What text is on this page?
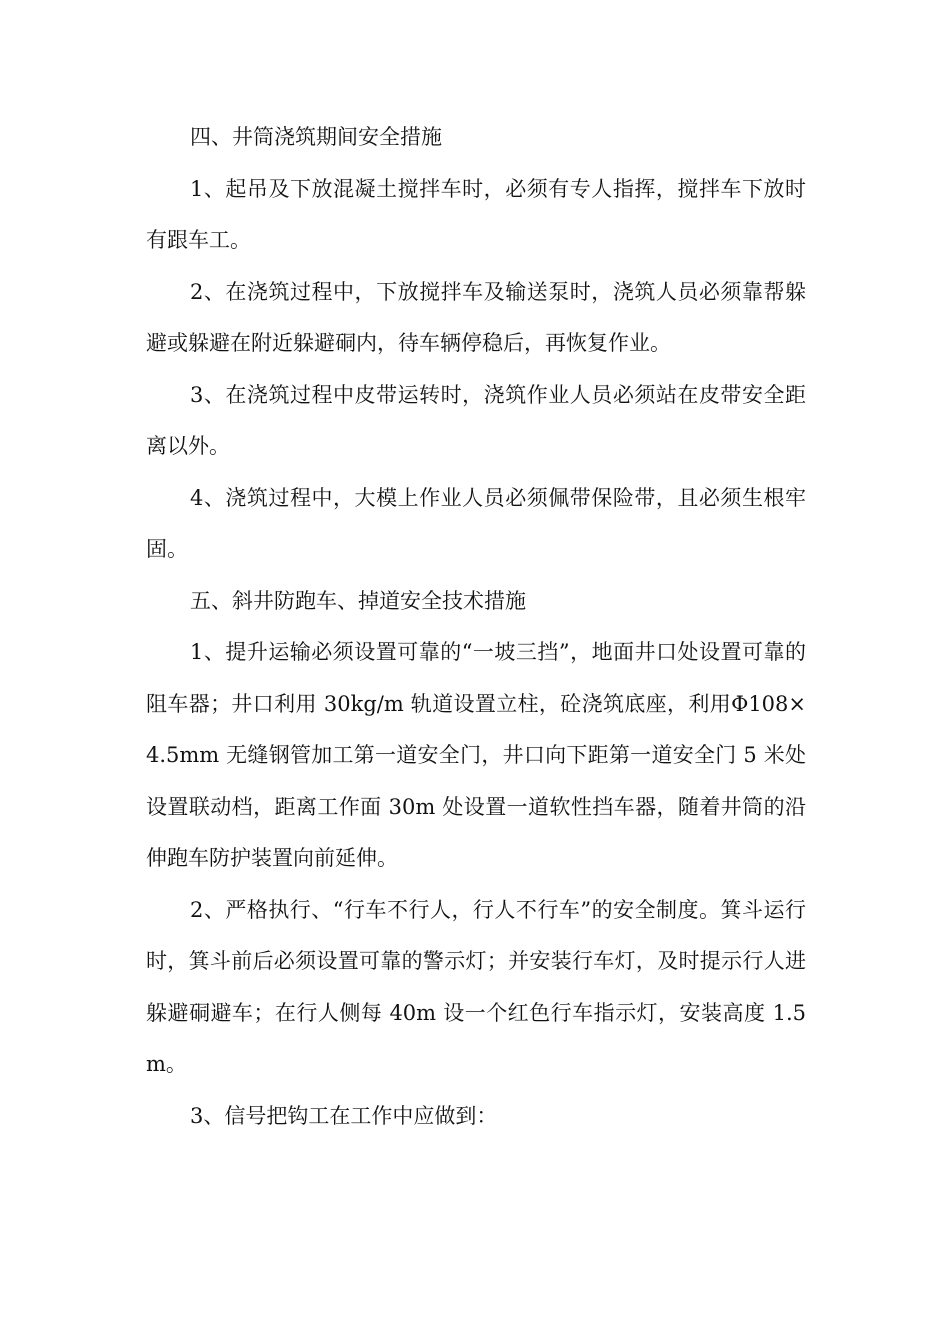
四、井筒浇筑期间安全措施

1、起吊及下放混凝土搅拌车时，必须有专人指挥，搅拌车下放时有跟车工。

2、在浇筑过程中，下放搅拌车及输送泵时，浇筑人员必须靠帮躲避或躲避在附近躲避硐内，待车辆停稳后，再恢复作业。

3、在浇筑过程中皮带运转时，浇筑作业人员必须站在皮带安全距离以外。

4、浇筑过程中，大模上作业人员必须佩带保险带，且必须生根牢固。

五、斜井防跑车、掉道安全技术措施

1、提升运输必须设置可靠的“一坡三挡”，地面井口处设置可靠的阻车器；井口利用 30kg/m 轨道设置立柱，砼浇筑底座，利用Φ108×4.5mm 无缝钢管加工第一道安全门，井口向下距第一道安全门 5 米处设置联动档，距离工作面 30m 处设置一道软性挡车器，随着井筒的沿伸跑车防护装置向前延伸。

2、严格执行、“行车不行人，行人不行车”的安全制度。箕斗运行时，箕斗前后必须设置可靠的警示灯；并安装行车灯，及时提示行人进躲避硐避车；在行人侧每 40m 设一个红色行车指示灯，安装高度 1.5m。

3、信号把钩工在工作中应做到：
